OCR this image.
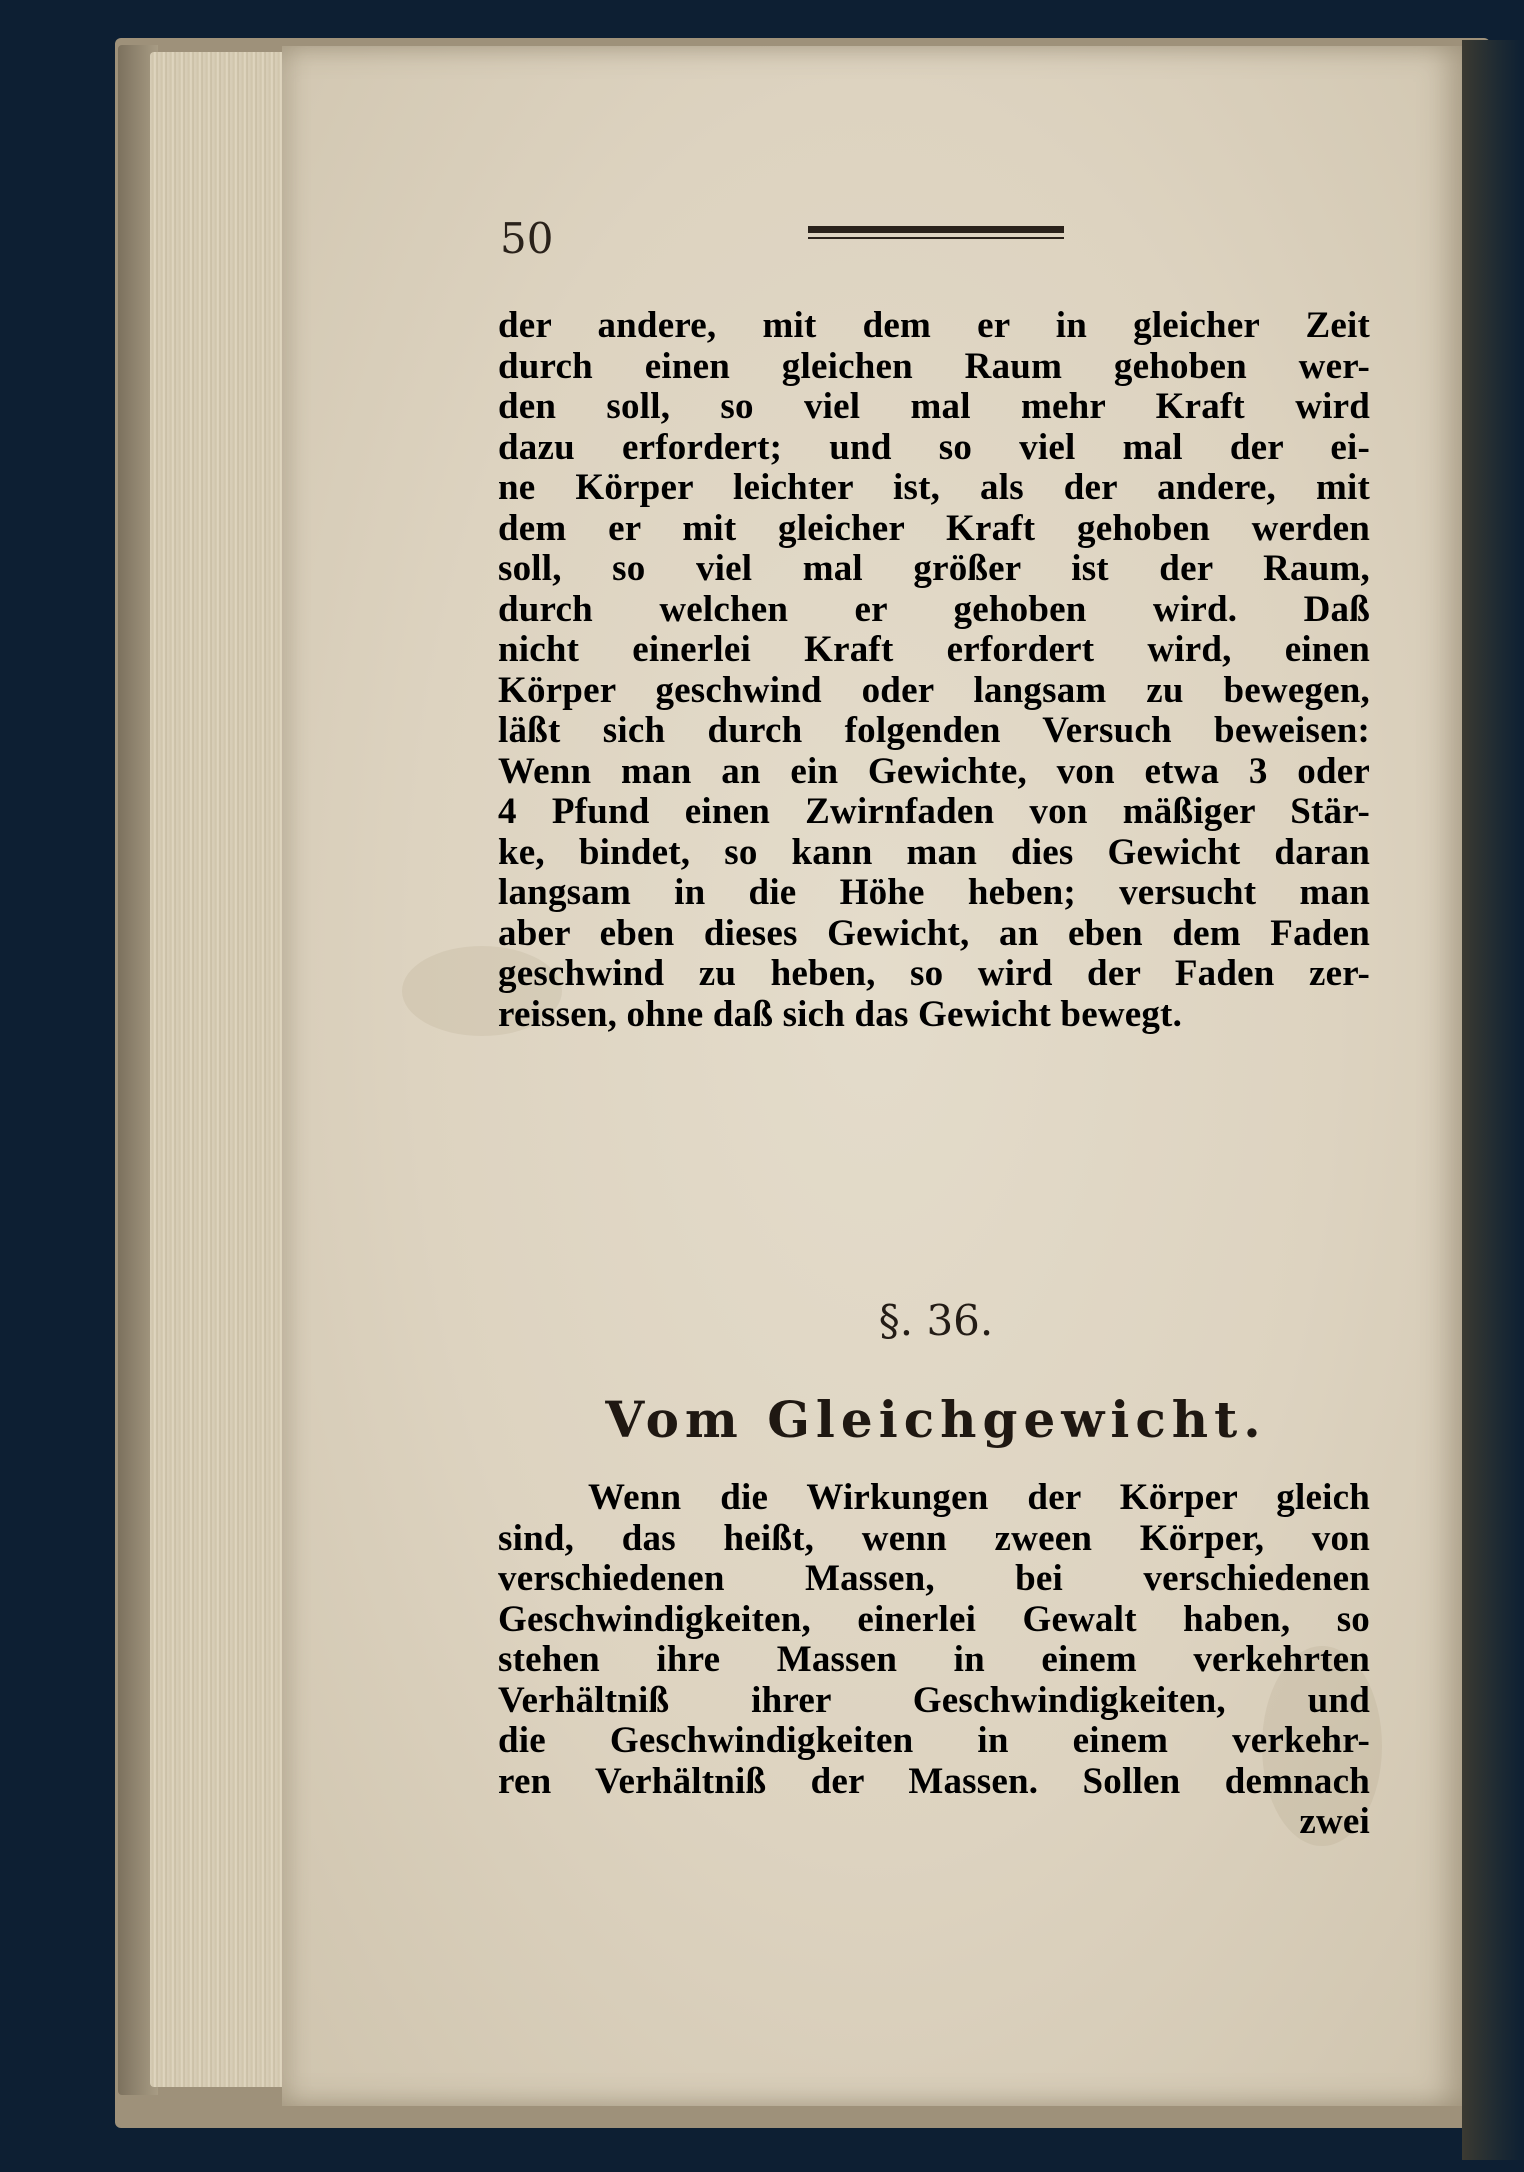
50
der andere, mit dem er in gleicher Zeit
durch einen gleichen Raum gehoben wer-
den soll, so viel mal mehr Kraft wird
dazu erfordert; und so viel mal der ei-
ne Körper leichter ist, als der andere, mit
dem er mit gleicher Kraft gehoben werden
soll, so viel mal größer ist der Raum,
durch welchen er gehoben wird. Daß
nicht einerlei Kraft erfordert wird, einen
Körper geschwind oder langsam zu bewegen,
läßt sich durch folgenden Versuch beweisen:
Wenn man an ein Gewichte, von etwa 3 oder
4 Pfund einen Zwirnfaden von mäßiger Stär-
ke, bindet, so kann man dies Gewicht daran
langsam in die Höhe heben; versucht man
aber eben dieses Gewicht, an eben dem Faden
geschwind zu heben, so wird der Faden zer-
reissen, ohne daß sich das Gewicht bewegt.
§. 36.
Vom Gleichgewicht.
Wenn die Wirkungen der Körper gleich
sind, das heißt, wenn zween Körper, von
verschiedenen Massen, bei verschiedenen
Geschwindigkeiten, einerlei Gewalt haben, so
stehen ihre Massen in einem verkehrten
Verhältniß ihrer Geschwindigkeiten, und
die Geschwindigkeiten in einem verkehr-
ren Verhältniß der Massen. Sollen demnach
zwei
